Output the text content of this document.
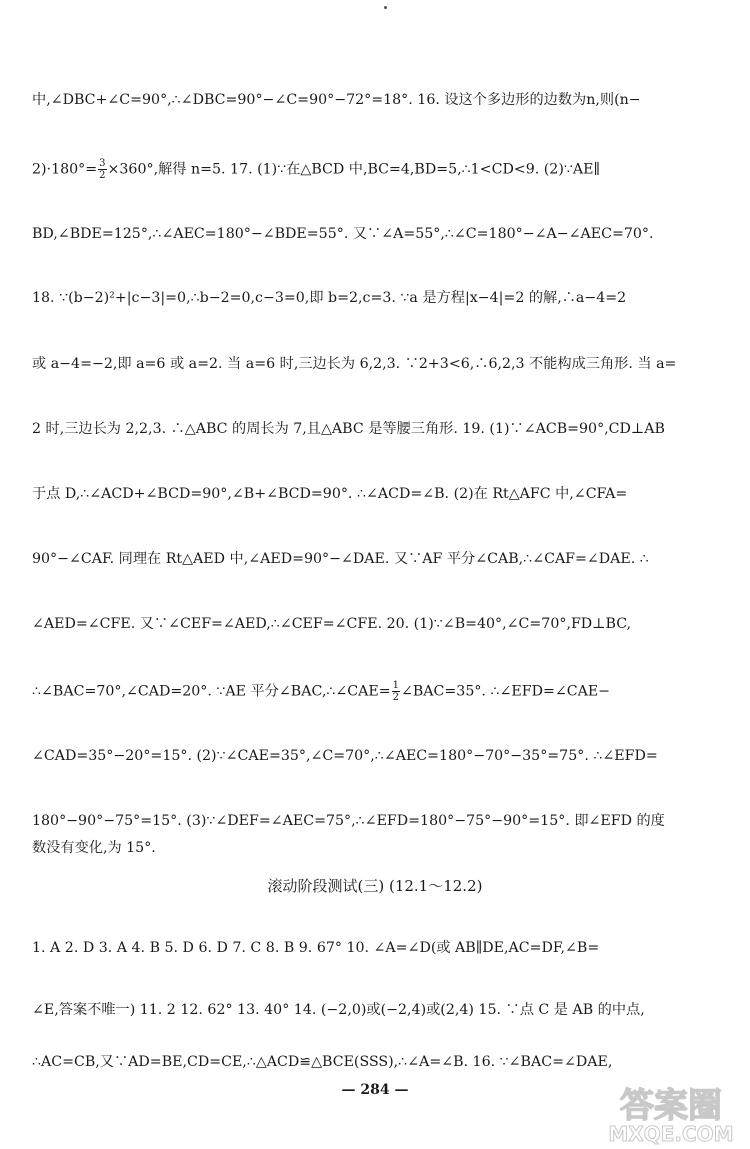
中,∠DBC+∠C=90°,∴∠DBC=90°−∠C=90°−72°=18°. 16. 设这个多边形的边数为n,则(n−
$2)\cdot 180^\circ= \frac{3}{2} \times 360^\circ$,解得 n=5. 17. (1)∵在△BCD 中,BC=4,BD=5,∴1<CD<9. (2)∵AE∥
BD,∠BDE=125°,∴∠AEC=180°−∠BDE=55°. 又∵∠A=55°,∴∠C=180°−∠A−∠AEC=70°.
18. ∵(b−2)²+|c−3|=0,∴b−2=0,c−3=0,即 b=2,c=3. ∵a 是方程|x−4|=2 的解,∴a−4=2
或 a−4=−2,即 a=6 或 a=2. 当 a=6 时,三边长为 6,2,3. ∵2+3<6,∴6,2,3 不能构成三角形. 当 a=
2 时,三边长为 2,2,3. ∴△ABC 的周长为 7,且△ABC 是等腰三角形. 19. (1)∵∠ACB=90°,CD⊥AB
于点 D,∴∠ACD+∠BCD=90°,∠B+∠BCD=90°. ∴∠ACD=∠B. (2)在 Rt△AFC 中,∠CFA=
90°−∠CAF. 同理在 Rt△AED 中,∠AED=90°−∠DAE. 又∵AF 平分∠CAB,∴∠CAF=∠DAE. ∴
∠AED=∠CFE. 又∵∠CEF=∠AED,∴∠CEF=∠CFE. 20. (1)∵∠B=40°,∠C=70°,FD⊥BC,
∴∠BAC=70°,∠CAD=20°. ∵AE 平分∠BAC,∴∠CAE= $\frac{1}{2}$ ∠BAC=35°. ∴∠EFD=∠CAE−
∠CAD=35°−20°=15°. (2)∵∠CAE=35°,∠C=70°,∴∠AEC=180°−70°−35°=75°. ∴∠EFD=
180°−90°−75°=15°. (3)∵∠DEF=∠AEC=75°,∴∠EFD=180°−75°−90°=15°. 即∠EFD 的度
数没有变化,为 15°.
滚动阶段测试(三) (12.1～12.2)
1. A 2. D 3. A 4. B 5. D 6. D 7. C 8. B 9. 67° 10. ∠A=∠D(或 AB∥DE,AC=DF,∠B=
∠E,答案不唯一) 11. 2 12. 62° 13. 40° 14. (−2,0)或(−2,4)或(2,4) 15. ∵点 C 是 AB 的中点,
∴AC=CB,又∵AD=BE,CD=CE,∴△ACD≌△BCE(SSS),∴∠A=∠B. 16. ∵∠BAC=∠DAE,
— 284 —	答案圈
MXQE.COM
